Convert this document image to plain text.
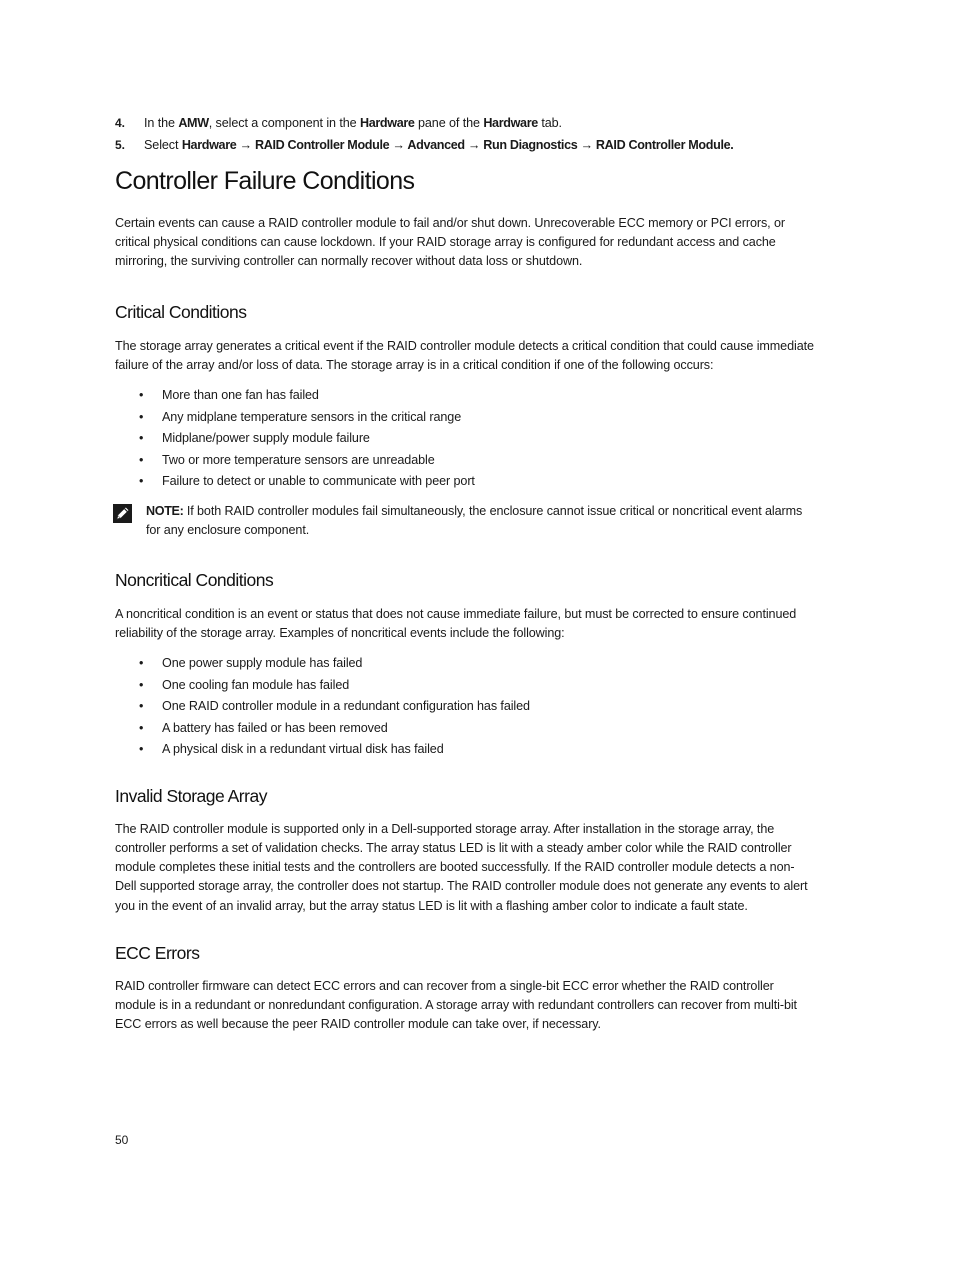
4. In the AMW, select a component in the Hardware pane of the Hardware tab.
5. Select Hardware → RAID Controller Module → Advanced → Run Diagnostics → RAID Controller Module.
Controller Failure Conditions

Certain events can cause a RAID controller module to fail and/or shut down. Unrecoverable ECC memory or PCI errors, or critical physical conditions can cause lockdown. If your RAID storage array is configured for redundant access and cache mirroring, the surviving controller can normally recover without data loss or shutdown.

Critical Conditions

The storage array generates a critical event if the RAID controller module detects a critical condition that could cause immediate failure of the array and/or loss of data. The storage array is in a critical condition if one of the following occurs:

• More than one fan has failed
• Any midplane temperature sensors in the critical range
• Midplane/power supply module failure
• Two or more temperature sensors are unreadable
• Failure to detect or unable to communicate with peer port

NOTE: If both RAID controller modules fail simultaneously, the enclosure cannot issue critical or noncritical event alarms for any enclosure component.

Noncritical Conditions

A noncritical condition is an event or status that does not cause immediate failure, but must be corrected to ensure continued reliability of the storage array. Examples of noncritical events include the following:

• One power supply module has failed
• One cooling fan module has failed
• One RAID controller module in a redundant configuration has failed
• A battery has failed or has been removed
• A physical disk in a redundant virtual disk has failed
Invalid Storage Array

The RAID controller module is supported only in a Dell-supported storage array. After installation in the storage array, the controller performs a set of validation checks. The array status LED is lit with a steady amber color while the RAID controller module completes these initial tests and the controllers are booted successfully. If the RAID controller module detects a non-Dell supported storage array, the controller does not startup. The RAID controller module does not generate any events to alert you in the event of an invalid array, but the array status LED is lit with a flashing amber color to indicate a fault state.

ECC Errors

RAID controller firmware can detect ECC errors and can recover from a single-bit ECC error whether the RAID controller module is in a redundant or nonredundant configuration. A storage array with redundant controllers can recover from multi-bit ECC errors as well because the peer RAID controller module can take over, if necessary.

50
